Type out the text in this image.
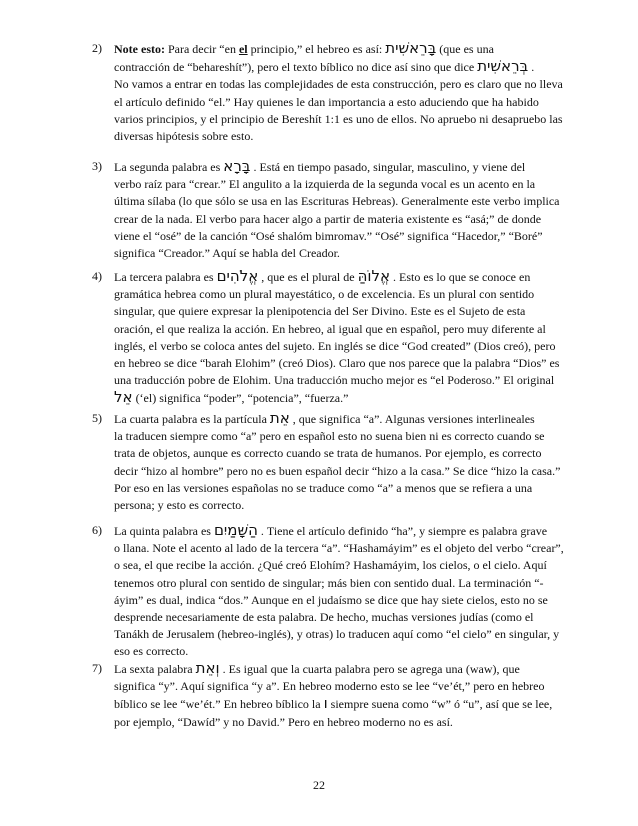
2) Note esto: Para decir “en el principio,” el hebreo es así: בָּרֵאשִׁית (que es una
contracción de “behareshít”), pero el texto bíblico no dice así sino que dice בְּרֵאשִׁית .
No vamos a entrar en todas las complejidades de esta construcción, pero es claro que no lleva el artículo definido “el.” Hay quienes le dan importancia a esto aduciendo que ha habido varios principios, y el principio de Bereshít 1:1 es uno de ellos. No apruebo ni desapruebo las diversas hipótesis sobre esto.
3) La segunda palabra es בָּרָא . Está en tiempo pasado, singular, masculino, y viene del
verbo raíz para “crear.” El angulito a la izquierda de la segunda vocal es un acento en la última sílaba (lo que sólo se usa en las Escrituras Hebreas). Generalmente este verbo implica crear de la nada. El verbo para hacer algo a partir de materia existente es “asá;” de donde viene el “osé” de la canción “Osé shalóm bimromav.” “Osé” significa “Hacedor,” “Boré” significa “Creador.” Aquí se habla del Creador.
4) La tercera palabra es אֱלֹהִים , que es el plural de אֱלוֹהַּ . Esto es lo que se conoce en
gramática hebrea como un plural mayestático, o de excelencia. Es un plural con sentido singular, que quiere expresar la plenipotencia del Ser Divino. Este es el Sujeto de esta oración, el que realiza la acción. En hebreo, al igual que en español, pero muy diferente al inglés, el verbo se coloca antes del sujeto. En inglés se dice “God created” (Dios creó), pero en hebreo se dice “barah Elohim” (creó Dios). Claro que nos parece que la palabra “Dios” es una traducción pobre de Elohim. Una traducción mucho mejor es “el Poderoso.” El original אֵל (‘el) significa “poder”, “potencia”, “fuerza.”
5) La cuarta palabra es la partícula אֵת , que significa “a”. Algunas versiones interlineales
la traducen siempre como “a” pero en español esto no suena bien ni es correcto cuando se trata de objetos, aunque es correcto cuando se trata de humanos. Por ejemplo, es correcto decir “hizo al hombre” pero no es buen español decir “hizo a la casa.” Se dice “hizo la casa.” Por eso en las versiones españolas no se traduce como “a” a menos que se refiera a una persona; y esto es correcto.
6) La quinta palabra es הַשָּׁמַיִם . Tiene el artículo definido “ha”, y siempre es palabra grave
o llana. Note el acento al lado de la tercera “a”. “Hashamáyim” es el objeto del verbo “crear”, o sea, el que recibe la acción. ¿Qué creó Elohím? Hashamáyim, los cielos, o el cielo. Aquí tenemos otro plural con sentido de singular; más bien con sentido dual. La terminación “-áyim” es dual, indica “dos.” Aunque en el judaísmo se dice que hay siete cielos, esto no se desprende necesariamente de esta palabra. De hecho, muchas versiones judías (como el Tanákh de Jerusalem (hebreo-inglés), y otras) lo traducen aquí como “el cielo” en singular, y eso es correcto.
7) La sexta palabra וְאֵת . Es igual que la cuarta palabra pero se agrega una (waw), que
significa “y”. Aquí significa “y a”. En hebreo moderno esto se lee “ve’ét,” pero en hebreo bíblico se lee “we’ét.” En hebreo bíblico la ו siempre suena como “w” ó “u”, así que se lee, por ejemplo, “Dawíd” y no David.” Pero en hebreo moderno no es así.
22
